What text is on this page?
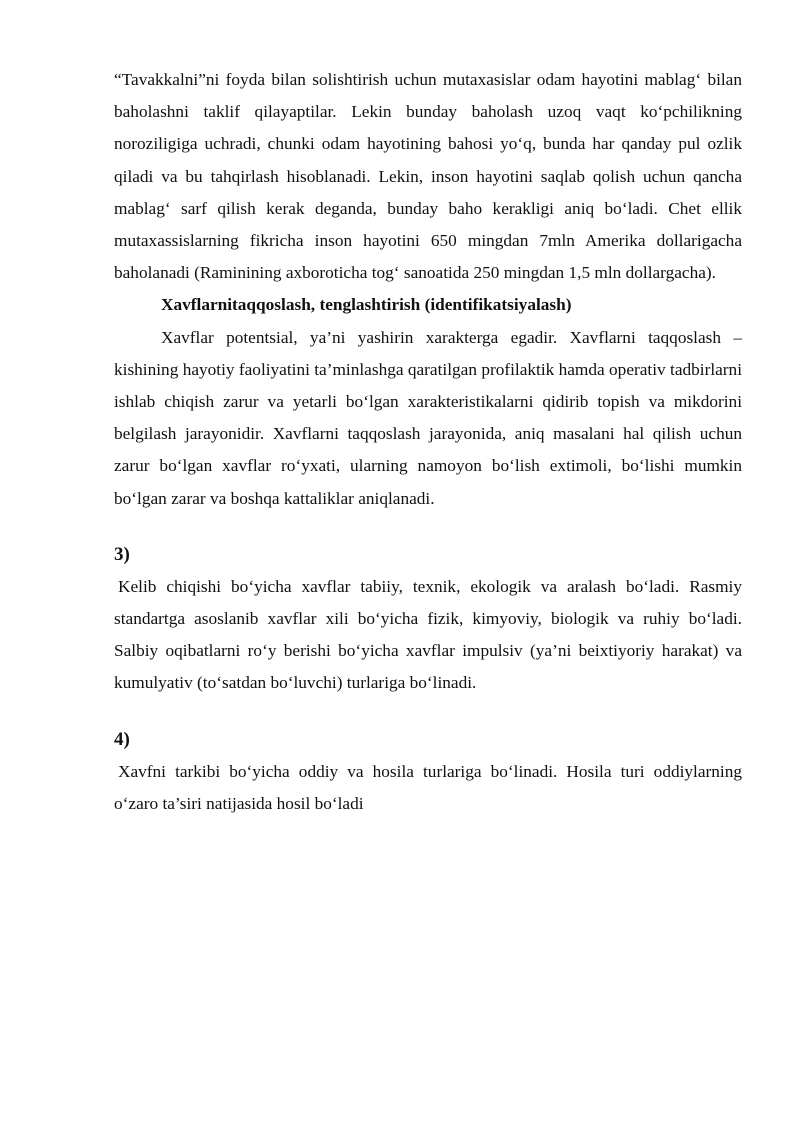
“Tavakkalni”ni foyda bilan solishtirish uchun mutaxasislar odam hayotini mablag‘ bilan baholashni taklif qilayaptilar. Lekin bunday baholash uzoq vaqt ko‘pchilikning noroziligiga uchradi, chunki odam hayotining bahosi yo‘q, bunda har qanday pul ozlik qiladi va bu tahqirlash hisoblanadi. Lekin, inson hayotini saqlab qolish uchun qancha mablag‘ sarf qilish kerak deganda, bunday baho kerakligi aniq bo‘ladi. Chet ellik mutaxassislarning fikricha inson hayotini 650 mingdan 7mln Amerika dollarigacha baholanadi (Raminining axboroticha tog‘ sanoatida 250 mingdan 1,5 mln dollargacha).

Xavflarnitaqqoslash, tenglashtirish (identifikatsiyalash)

Xavflar potentsial, ya’ni yashirin xarakterga egadir. Xavflarni taqqoslash – kishining hayotiy faoliyatini ta’minlashga qaratilgan profilaktik hamda operativ tadbirlarni ishlab chiqish zarur va yetarli bo‘lgan xarakteristikalarni qidirib topish va mikdorini belgilash jarayonidir. Xavflarni taqqoslash jarayonida, aniq masalani hal qilish uchun zarur bo‘lgan xavflar ro‘yxati, ularning namoyon bo‘lish extimoli, bo‘lishi mumkin bo‘lgan zarar va boshqa kattaliklar aniqlanadi.

3)

Kelib chiqishi bo‘yicha xavflar tabiiy, texnik, ekologik va aralash bo‘ladi. Rasmiy standartga asoslanib xavflar xili bo‘yicha fizik, kimyoviy, biologik va ruhiy bo‘ladi. Salbiy oqibatlarni ro‘y berishi bo‘yicha xavflar impulsiv (ya’ni beixtiyoriy harakat) va kumulyativ (to‘satdan bo‘luvchi) turlariga bo‘linadi.

4)

Xavfni tarkibi bo‘yicha oddiy va hosila turlariga bo‘linadi. Hosila turi oddiylarning o‘zaro ta’siri natijasida hosil bo‘ladi
